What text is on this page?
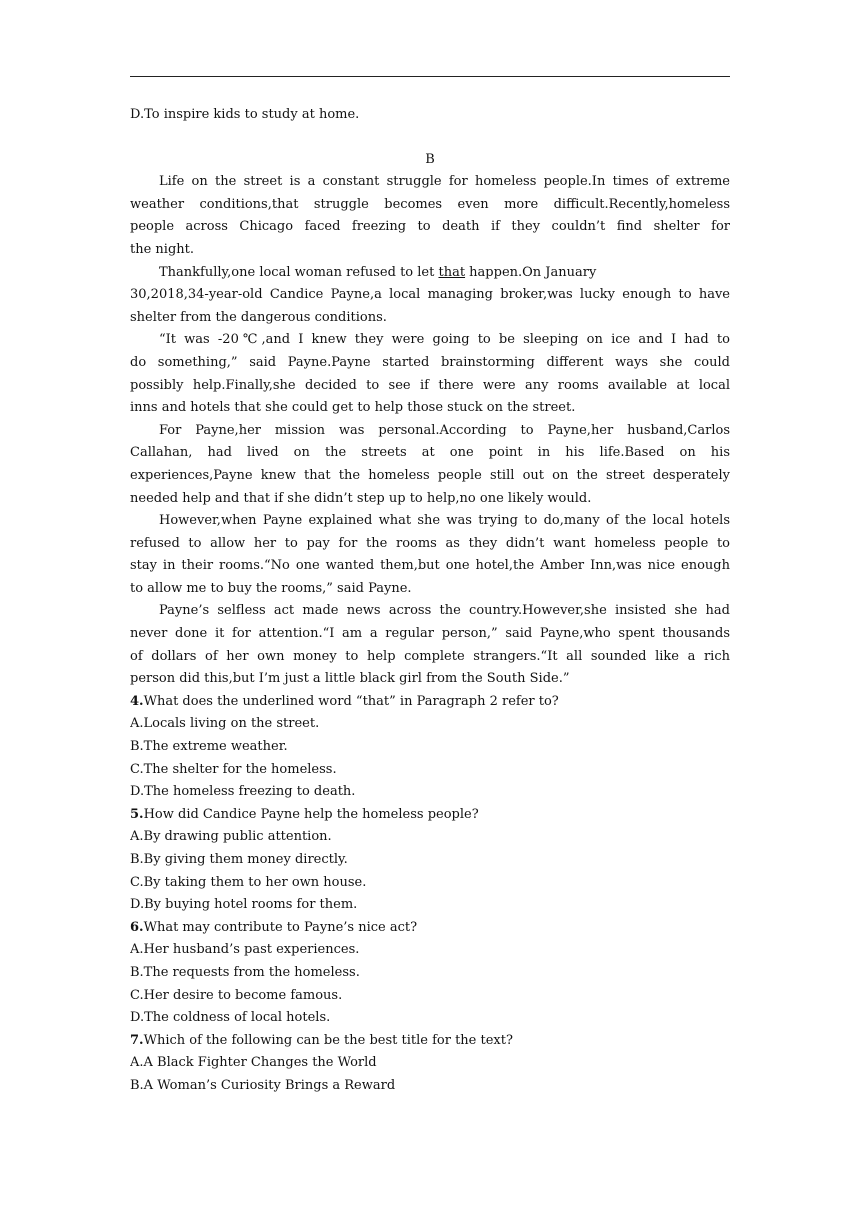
D.To inspire kids to study at home.
B
Life on the street is a constant struggle for homeless people.In times of extreme
weather conditions,that struggle becomes even more difficult.Recently,homeless
people across Chicago faced freezing to death if they couldn’t find shelter for
the night.
Thankfully,one local woman refused to let that happen.On January
30,2018,34-year-old Candice Payne,a local managing broker,was lucky enough to have
shelter from the dangerous conditions.
“It was -20℃,and I knew they were going to be sleeping on ice and I had to
do something,” said Payne.Payne started brainstorming different ways she could
possibly help.Finally,she decided to see if there were any rooms available at local
inns and hotels that she could get to help those stuck on the street.
For Payne,her mission was personal.According to Payne,her husband,Carlos
Callahan, had lived on the streets at one point in his life.Based on his
experiences,Payne knew that the homeless people still out on the street desperately
needed help and that if she didn’t step up to help,no one likely would.
However,when Payne explained what she was trying to do,many of the local hotels
refused to allow her to pay for the rooms as they didn’t want homeless people to
stay in their rooms.“No one wanted them,but one hotel,the Amber Inn,was nice enough
to allow me to buy the rooms,” said Payne.
Payne’s selfless act made news across the country.However,she insisted she had
never done it for attention.“I am a regular person,” said Payne,who spent thousands
of dollars of her own money to help complete strangers.“It all sounded like a rich
person did this,but I’m just a little black girl from the South Side.”
4.What does the underlined word “that” in Paragraph 2 refer to?
A.Locals living on the street.
B.The extreme weather.
C.The shelter for the homeless.
D.The homeless freezing to death.
5.How did Candice Payne help the homeless people?
A.By drawing public attention.
B.By giving them money directly.
C.By taking them to her own house.
D.By buying hotel rooms for them.
6.What may contribute to Payne’s nice act?
A.Her husband’s past experiences.
B.The requests from the homeless.
C.Her desire to become famous.
D.The coldness of local hotels.
7.Which of the following can be the best title for the text?
A.A Black Fighter Changes the World
B.A Woman’s Curiosity Brings a Reward
